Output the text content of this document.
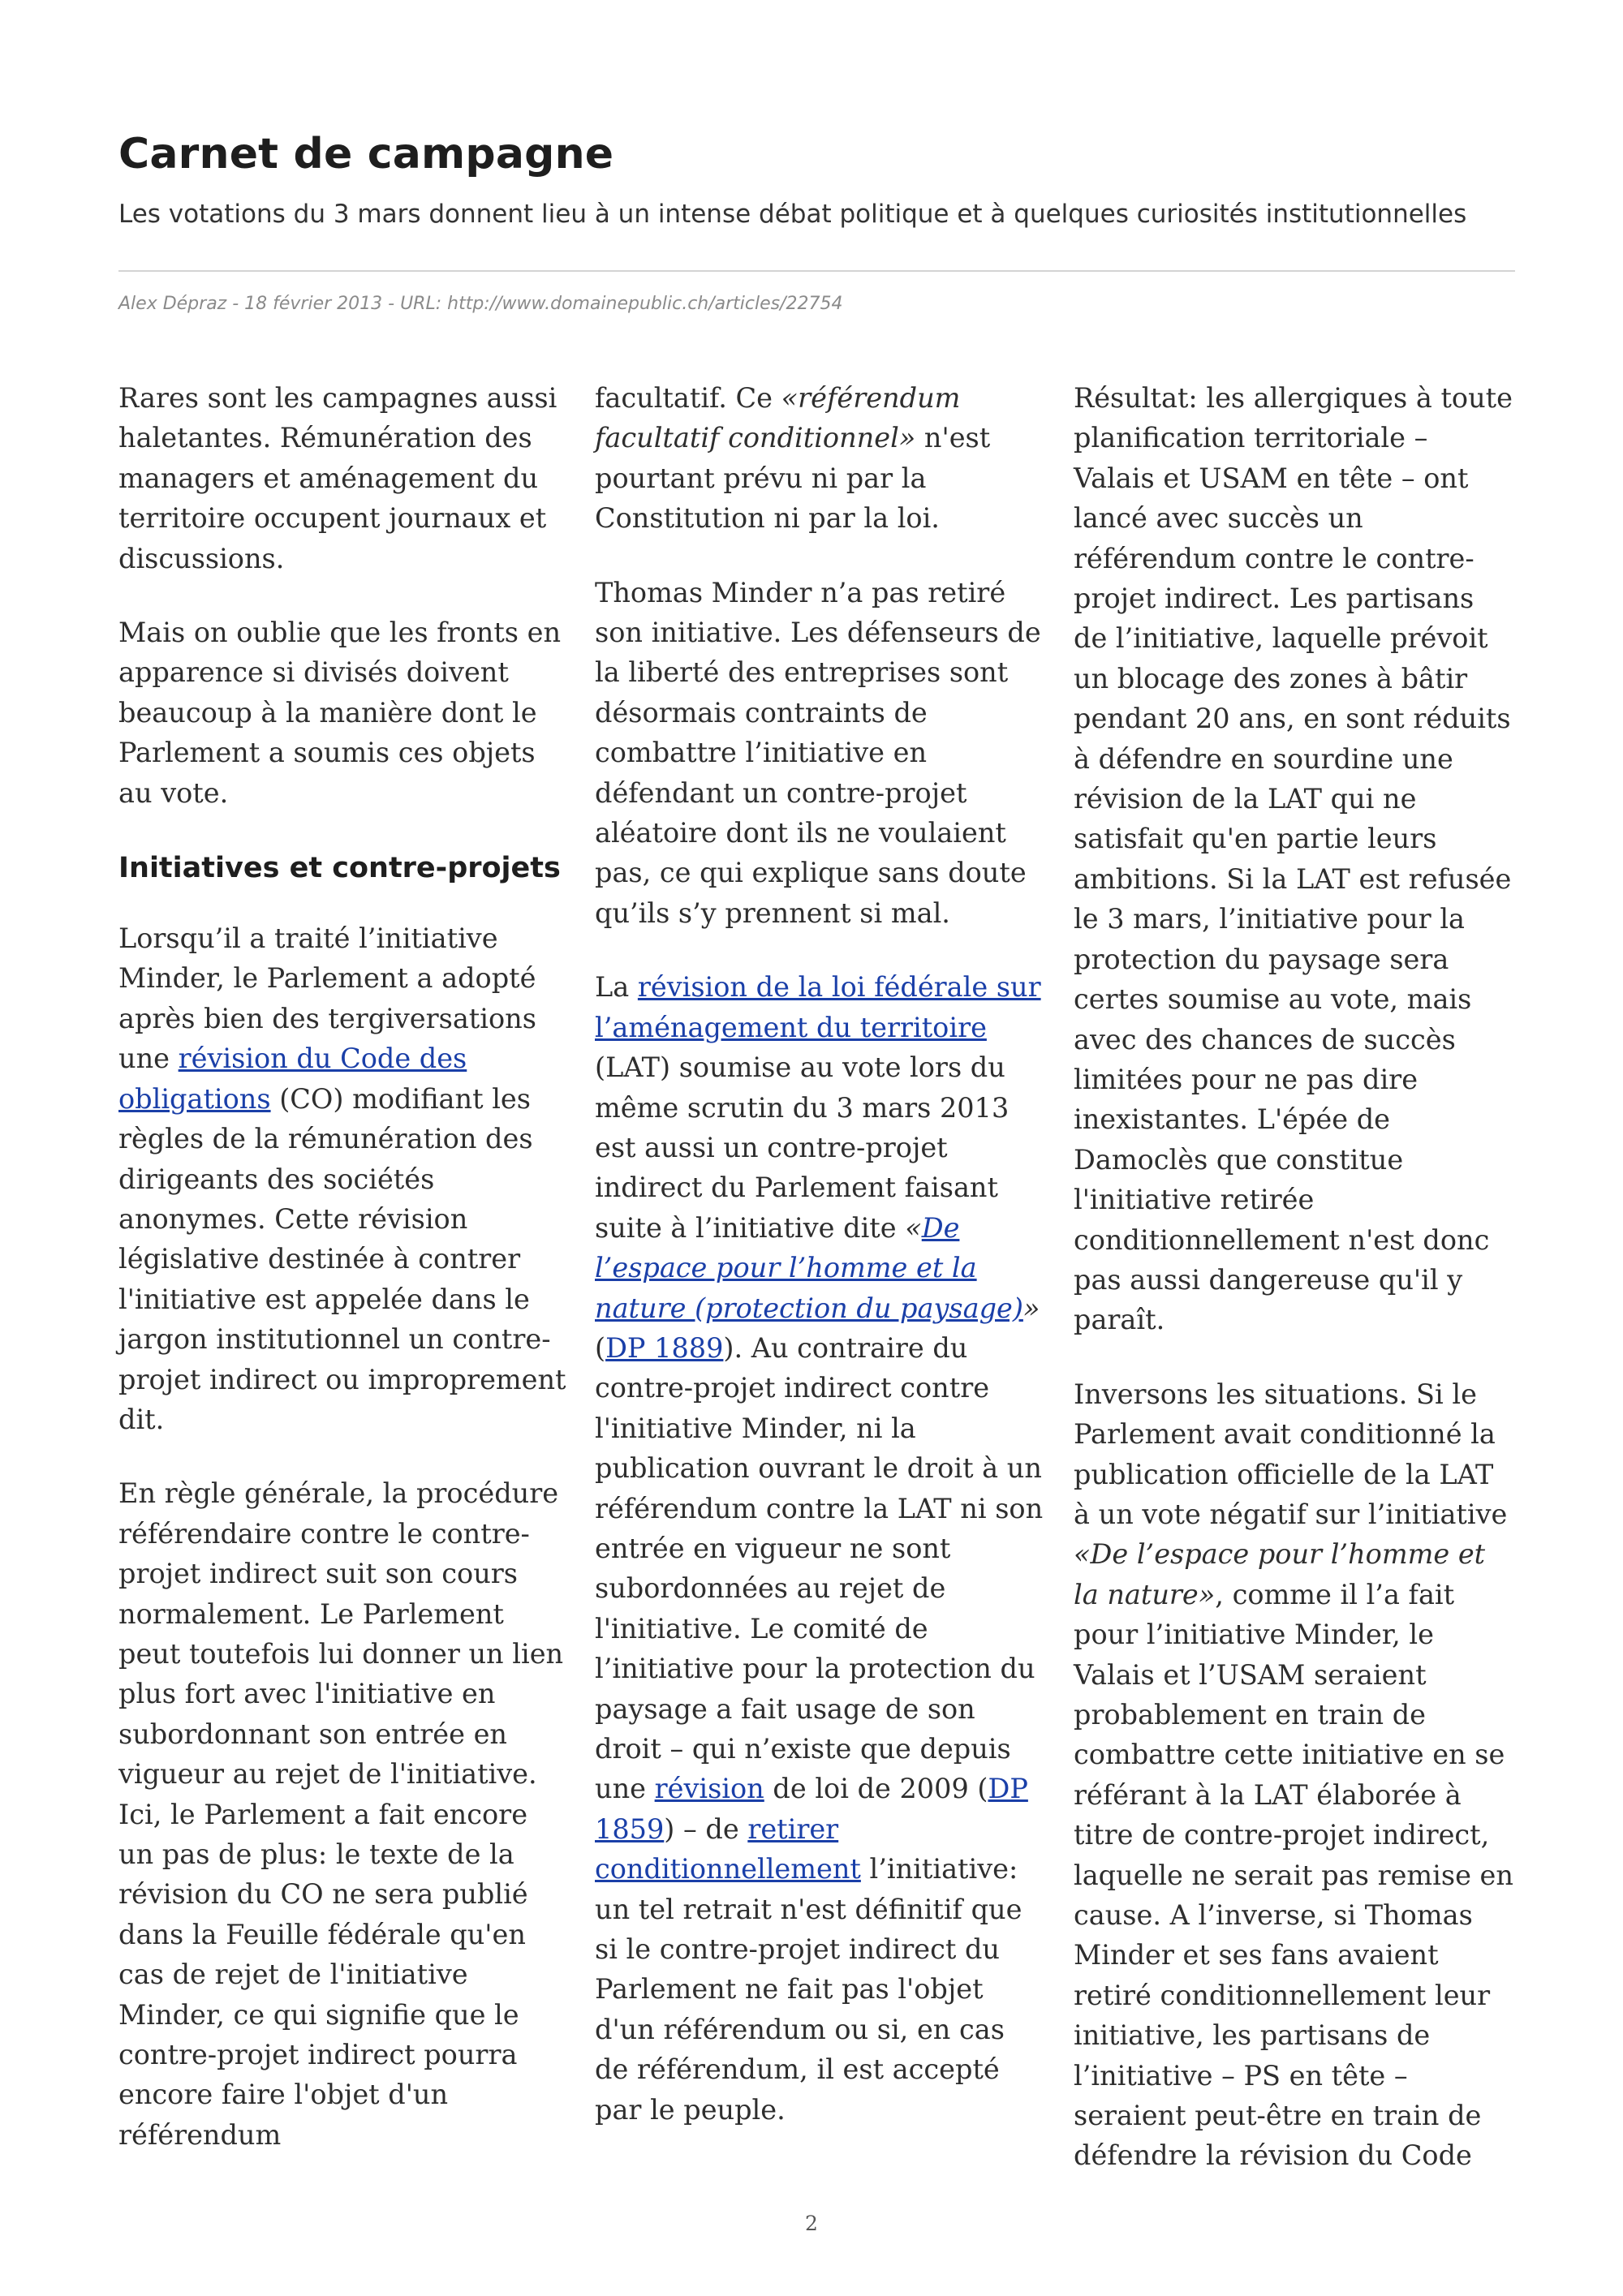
Carnet de campagne

Les votations du 3 mars donnent lieu à un intense débat politique et à quelques curiosités institutionnelles

Alex Dépraz - 18 février 2013 - URL: http://www.domainepublic.ch/articles/22754

Rares sont les campagnes aussi haletantes. Rémunération des managers et aménagement du territoire occupent journaux et discussions.

Mais on oublie que les fronts en apparence si divisés doivent beaucoup à la manière dont le Parlement a soumis ces objets au vote.

Initiatives et contre-projets

Lorsqu’il a traité l’initiative Minder, le Parlement a adopté après bien des tergiversations une révision du Code des obligations (CO) modifiant les règles de la rémunération des dirigeants des sociétés anonymes. Cette révision législative destinée à contrer l'initiative est appelée dans le jargon institutionnel un contre-projet indirect ou improprement dit.

En règle générale, la procédure référendaire contre le contre-projet indirect suit son cours normalement. Le Parlement peut toutefois lui donner un lien plus fort avec l'initiative en subordonnant son entrée en vigueur au rejet de l'initiative. Ici, le Parlement a fait encore un pas de plus: le texte de la révision du CO ne sera publié dans la Feuille fédérale qu'en cas de rejet de l'initiative Minder, ce qui signifie que le contre-projet indirect pourra encore faire l'objet d'un référendum

facultatif. Ce «référendum facultatif conditionnel» n'est pourtant prévu ni par la Constitution ni par la loi.

Thomas Minder n’a pas retiré son initiative. Les défenseurs de la liberté des entreprises sont désormais contraints de combattre l’initiative en défendant un contre-projet aléatoire dont ils ne voulaient pas, ce qui explique sans doute qu’ils s’y prennent si mal.

La révision de la loi fédérale sur l’aménagement du territoire (LAT) soumise au vote lors du même scrutin du 3 mars 2013 est aussi un contre-projet indirect du Parlement faisant suite à l’initiative dite «De l’espace pour l’homme et la nature (protection du paysage)» (DP 1889). Au contraire du contre-projet indirect contre l'initiative Minder, ni la publication ouvrant le droit à un référendum contre la LAT ni son entrée en vigueur ne sont subordonnées au rejet de l'initiative. Le comité de l’initiative pour la protection du paysage a fait usage de son droit – qui n’existe que depuis une révision de loi de 2009 (DP 1859) – de retirer conditionnellement l’initiative: un tel retrait n'est définitif que si le contre-projet indirect du Parlement ne fait pas l'objet d'un référendum ou si, en cas de référendum, il est accepté par le peuple.

Résultat: les allergiques à toute planification territoriale – Valais et USAM en tête – ont lancé avec succès un référendum contre le contre-projet indirect. Les partisans de l’initiative, laquelle prévoit un blocage des zones à bâtir pendant 20 ans, en sont réduits à défendre en sourdine une révision de la LAT qui ne satisfait qu'en partie leurs ambitions. Si la LAT est refusée le 3 mars, l’initiative pour la protection du paysage sera certes soumise au vote, mais avec des chances de succès limitées pour ne pas dire inexistantes. L'épée de Damoclès que constitue l'initiative retirée conditionnellement n'est donc pas aussi dangereuse qu'il y paraît.

Inversons les situations. Si le Parlement avait conditionné la publication officielle de la LAT à un vote négatif sur l’initiative «De l’espace pour l’homme et la nature», comme il l’a fait pour l’initiative Minder, le Valais et l’USAM seraient probablement en train de combattre cette initiative en se référant à la LAT élaborée à titre de contre-projet indirect, laquelle ne serait pas remise en cause. A l’inverse, si Thomas Minder et ses fans avaient retiré conditionnellement leur initiative, les partisans de l’initiative – PS en tête – seraient peut-être en train de défendre la révision du Code

2
